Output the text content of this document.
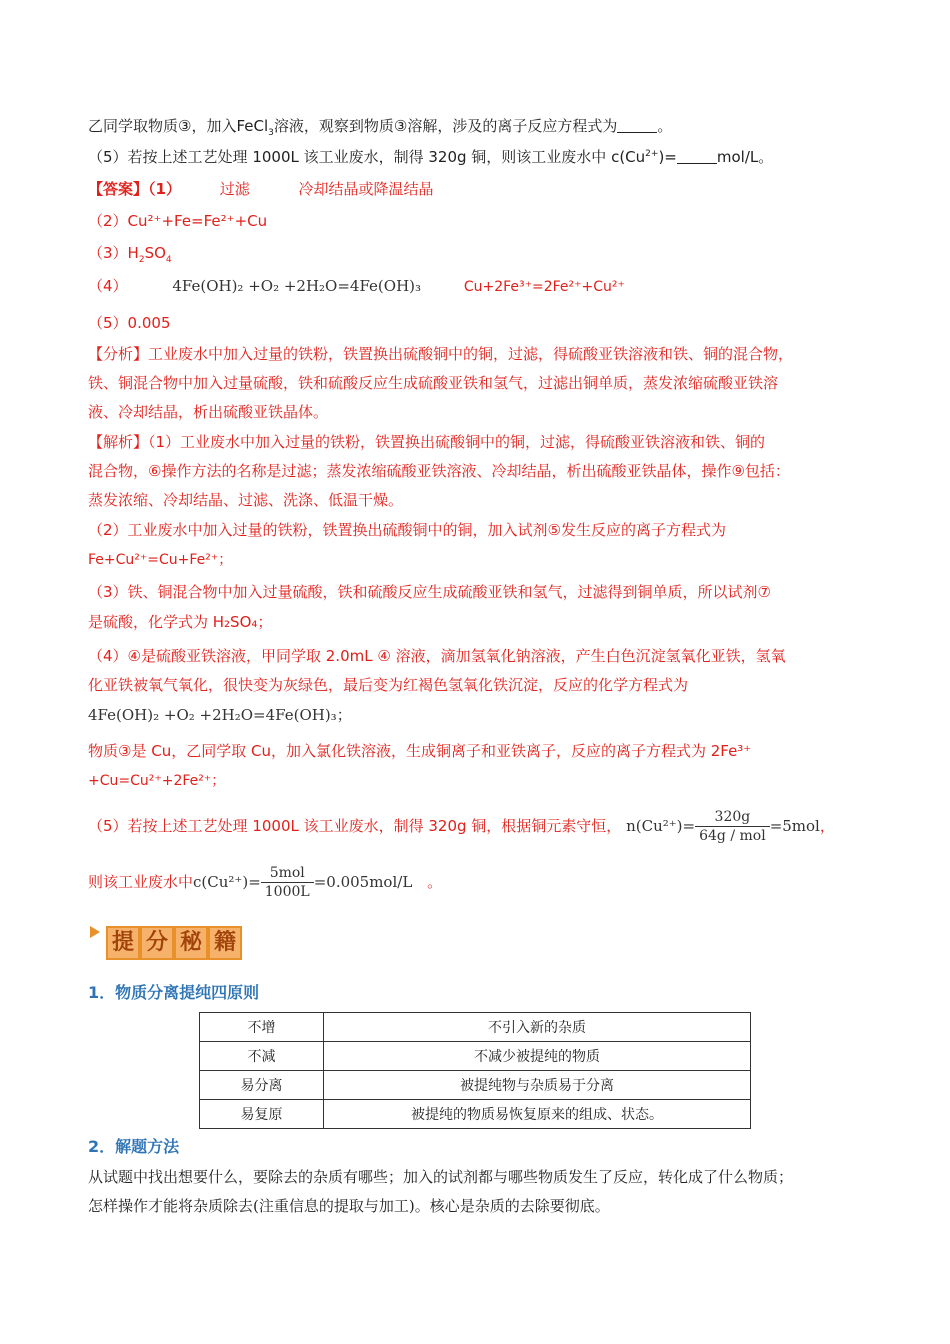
乙同学取物质③，加入FeCl$_3$溶液，观察到物质③溶解，涉及的离子反应方程式为	。
（5）若按上述工艺处理 1000L 该工业废水，制得 320g 铜，则该工业废水中 $c(Cu^{2+})=$	mol/L。
【答案】（1）	过滤	冷却结晶或降温结晶
（2）Cu²⁺+Fe=Fe²⁺+Cu
$(3)H_2SO_4$
（4）	4Fe(OH)₂ +O₂ +2H₂O=4Fe(OH)₃	Cu+2Fe³⁺=2Fe²⁺+Cu²⁺
（5）0.005
【分析】工业废水中加入过量的铁粉，铁置换出硫酸铜中的铜，过滤，得硫酸亚铁溶液和铁、铜的混合物，
铁、铜混合物中加入过量硫酸，铁和硫酸反应生成硫酸亚铁和氢气，过滤出铜单质，蒸发浓缩硫酸亚铁溶
液、冷却结晶，析出硫酸亚铁晶体。
【解析】（1）工业废水中加入过量的铁粉，铁置换出硫酸铜中的铜，过滤，得硫酸亚铁溶液和铁、铜的
混合物，⑥操作方法的名称是过滤；蒸发浓缩硫酸亚铁溶液、冷却结晶，析出硫酸亚铁晶体，操作⑨包括：
蒸发浓缩、冷却结晶、过滤、洗涤、低温干燥。
（2）工业废水中加入过量的铁粉，铁置换出硫酸铜中的铜，加入试剂⑤发生反应的离子方程式为
Fe+Cu²⁺=Cu+Fe²⁺；
（3）铁、铜混合物中加入过量硫酸，铁和硫酸反应生成硫酸亚铁和氢气，过滤得到铜单质，所以试剂⑦
是硫酸，化学式为 H₂SO₄；
（4）④是硫酸亚铁溶液，甲同学取 2.0mL ④ 溶液，滴加氢氧化钠溶液，产生白色沉淀氢氧化亚铁，氢氧
化亚铁被氧气氧化，很快变为灰绿色，最后变为红褐色氢氧化铁沉淀，反应的化学方程式为
4Fe(OH)₂ +O₂ +2H₂O=4Fe(OH)₃；
物质③是 Cu，乙同学取 Cu，加入氯化铁溶液，生成铜离子和亚铁离子，反应的离子方程式为 2Fe³⁺
+Cu=Cu²⁺+2Fe²⁺；
（5）若按上述工艺处理 1000L 该工业废水，制得 320g 铜，根据铜元素守恒， $n(Cu^{2+})= \frac{320g}{\text{64g / mol}} =5mol$，
则该工业废水中$c(Cu^{2+})= \frac{\text{5mol}}{1000L} =0.005mol/L$ 。
提 分 秘 籍
1．物质分离提纯四原则
不增	不引入新的杂质
不减	不减少被提纯的物质
易分离	被提纯物与杂质易于分离
易复原	被提纯的物质易恢复原来的组成、状态。
2．解题方法
从试题中找出想要什么，要除去的杂质有哪些；加入的试剂都与哪些物质发生了反应，转化成了什么物质；
怎样操作才能将杂质除去(注重信息的提取与加工)。核心是杂质的去除要彻底。
